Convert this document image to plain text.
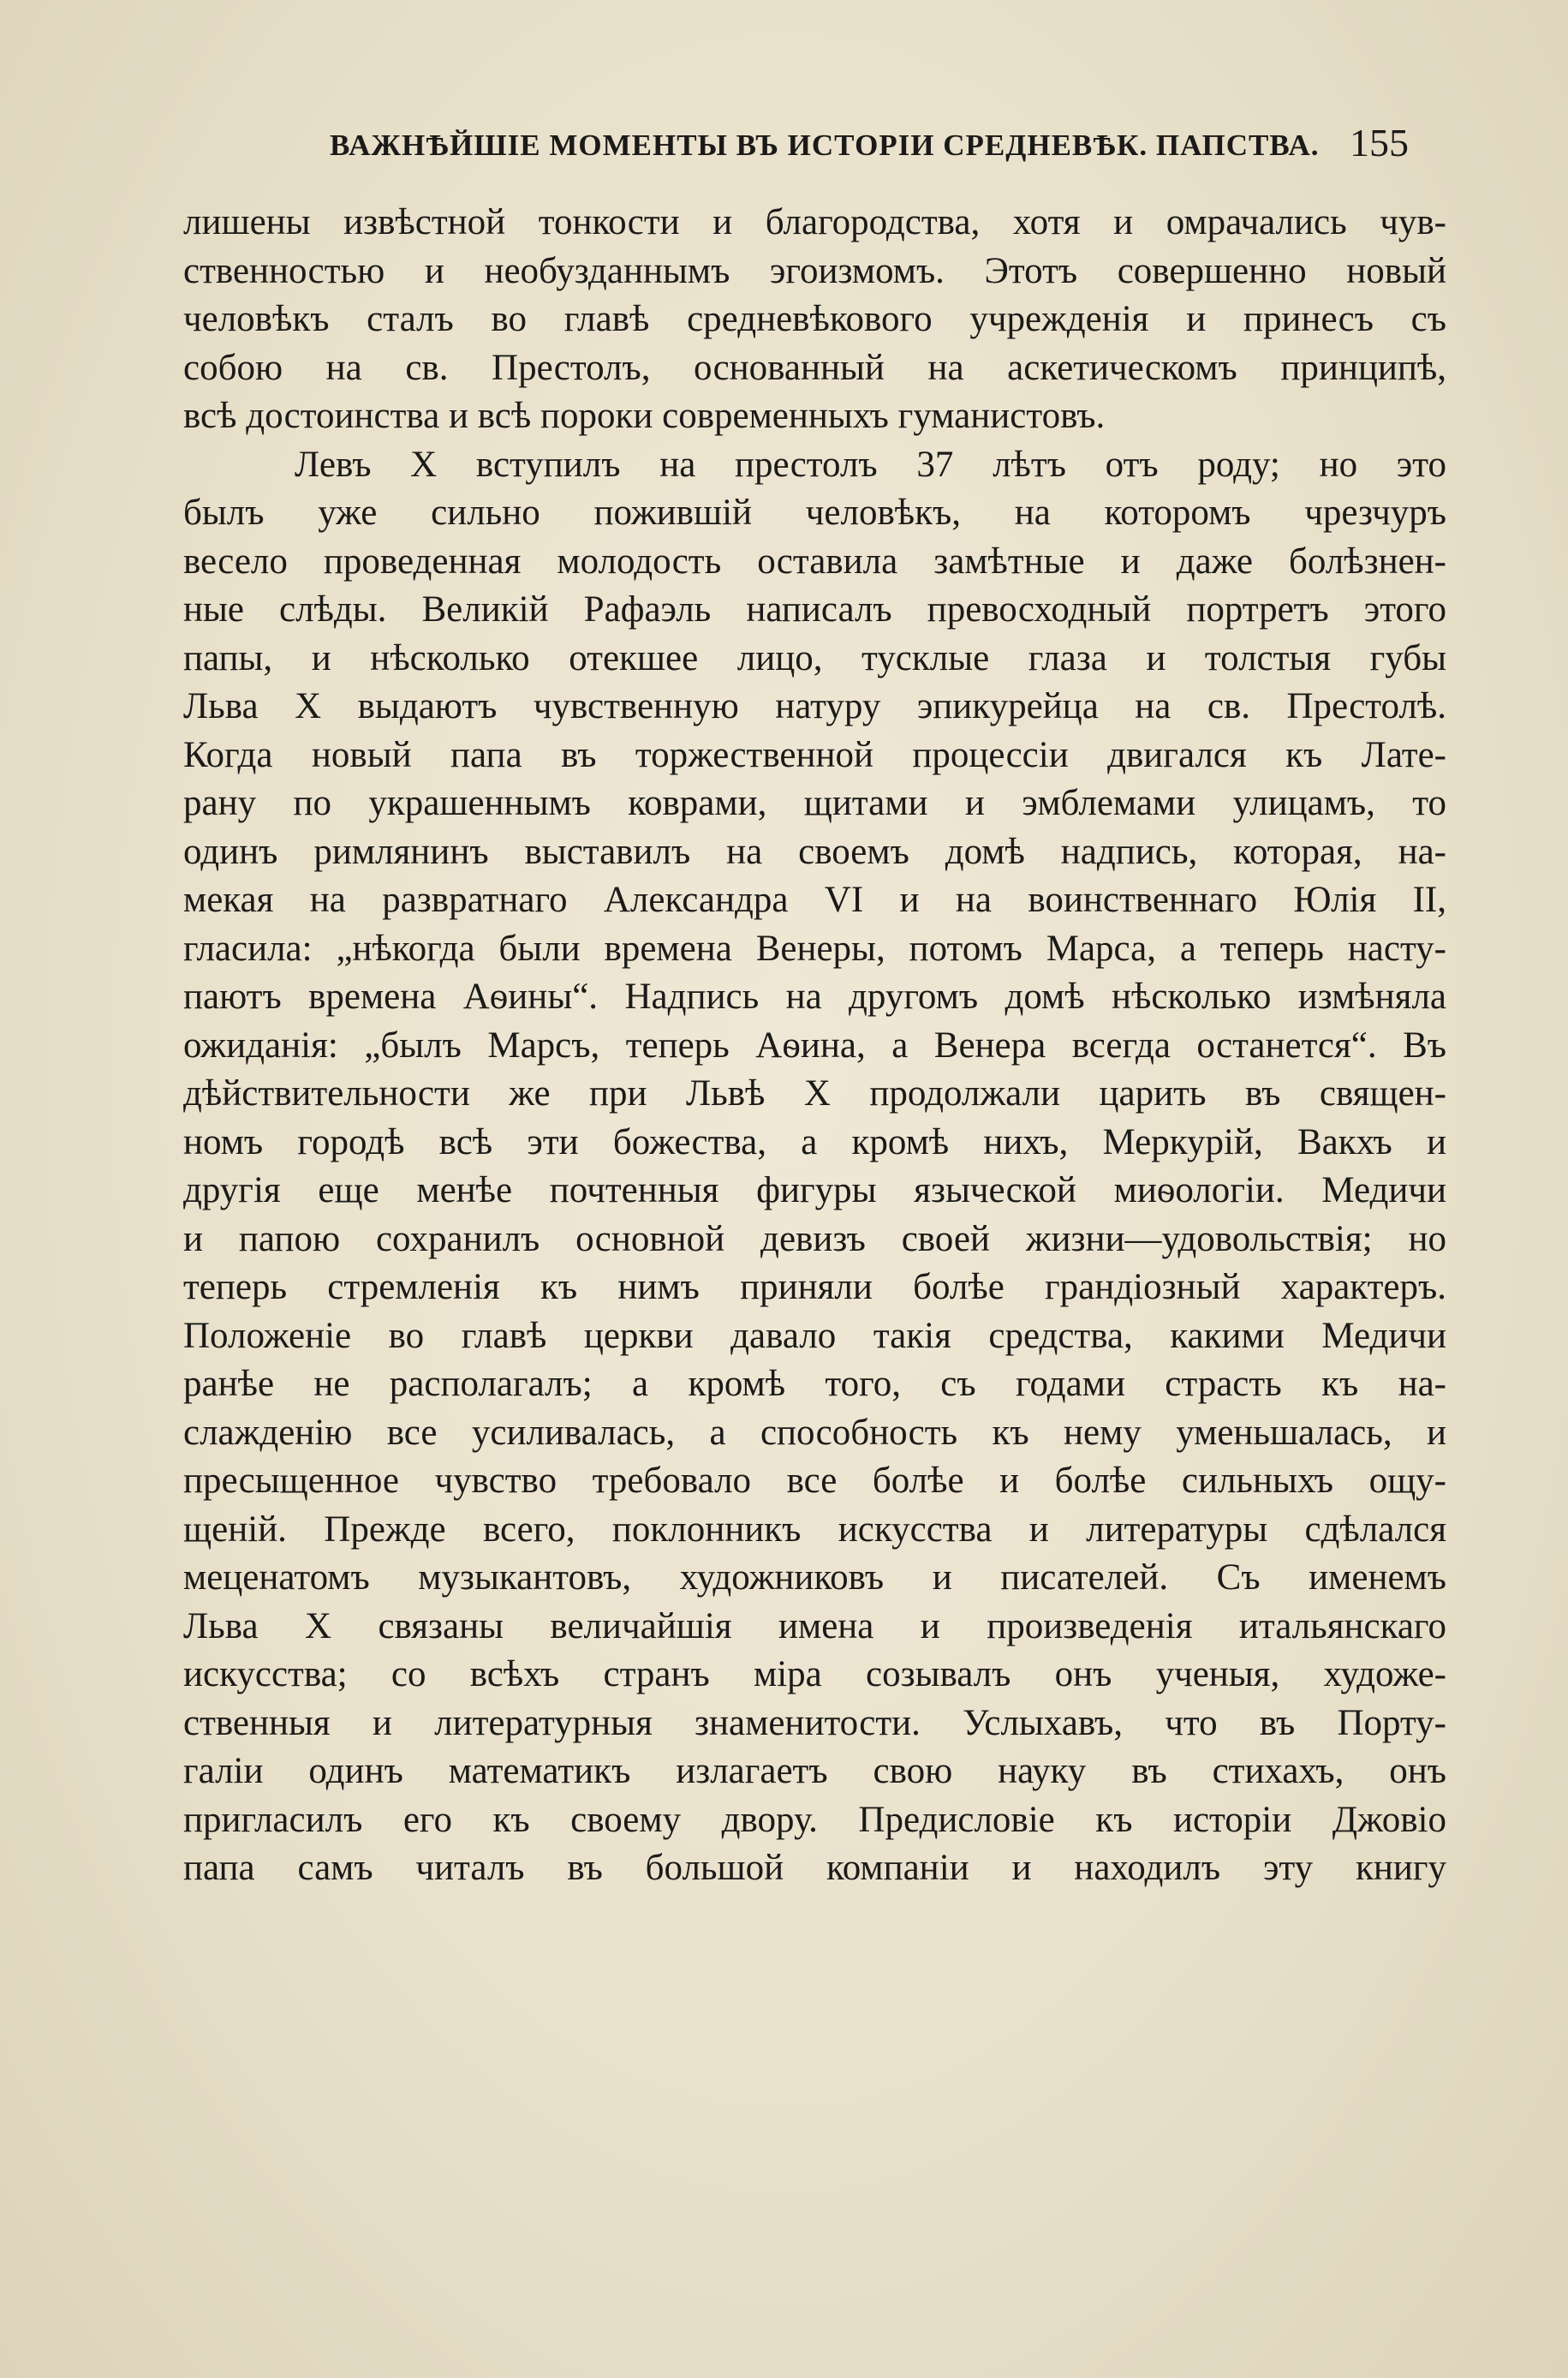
ВАЖНѢЙШІЕ МОМЕНТЫ ВЪ ИСТОРІИ СРЕДНЕВѢК. ПАПСТВА. 155
лишены извѣстной тонкости и благородства, хотя и омрачались чув-
ственностью и необузданнымъ эгоизмомъ. Этотъ совершенно новый
человѣкъ сталъ во главѣ средневѣкового учрежденія и принесъ съ
собою на св. Престолъ, основанный на аскетическомъ принципѣ,
всѣ достоинства и всѣ пороки современныхъ гуманистовъ.
Левъ X вступилъ на престолъ 37 лѣтъ отъ роду; но это
былъ уже сильно пожившій человѣкъ, на которомъ чрезчуръ
весело проведенная молодость оставила замѣтные и даже болѣзнен-
ные слѣды. Великій Рафаэль написалъ превосходный портретъ этого
папы, и нѣсколько отекшее лицо, тусклые глаза и толстыя губы
Льва X выдаютъ чувственную натуру эпикурейца на св. Престолѣ.
Когда новый папа въ торжественной процессіи двигался къ Лате-
рану по украшеннымъ коврами, щитами и эмблемами улицамъ, то
одинъ римлянинъ выставилъ на своемъ домѣ надпись, которая, на-
мекая на развратнаго Александра VI и на воинственнаго Юлія II,
гласила: „нѣкогда были времена Венеры, потомъ Марса, а теперь насту-
паютъ времена Аѳины“. Надпись на другомъ домѣ нѣсколько измѣняла
ожиданія: „былъ Марсъ, теперь Аѳина, а Венера всегда останется“. Въ
дѣйствительности же при Львѣ X продолжали царить въ священ-
номъ городѣ всѣ эти божества, а кромѣ нихъ, Меркурій, Вакхъ и
другія еще менѣе почтенныя фигуры языческой миѳологіи. Медичи
и папою сохранилъ основной девизъ своей жизни—удовольствія; но
теперь стремленія къ нимъ приняли болѣе грандіозный характеръ.
Положеніе во главѣ церкви давало такія средства, какими Медичи
ранѣе не располагалъ; а кромѣ того, съ годами страсть къ на-
слажденію все усиливалась, а способность къ нему уменьшалась, и
пресыщенное чувство требовало все болѣе и болѣе сильныхъ ощу-
щеній. Прежде всего, поклонникъ искусства и литературы сдѣлался
меценатомъ музыкантовъ, художниковъ и писателей. Съ именемъ
Льва X связаны величайшія имена и произведенія итальянскаго
искусства; со всѣхъ странъ міра созывалъ онъ ученыя, художе-
ственныя и литературныя знаменитости. Услыхавъ, что въ Порту-
галіи одинъ математикъ излагаетъ свою науку въ стихахъ, онъ
пригласилъ его къ своему двору. Предисловіе къ исторіи Джовіо
папа самъ читалъ въ большой компаніи и находилъ эту книгу
